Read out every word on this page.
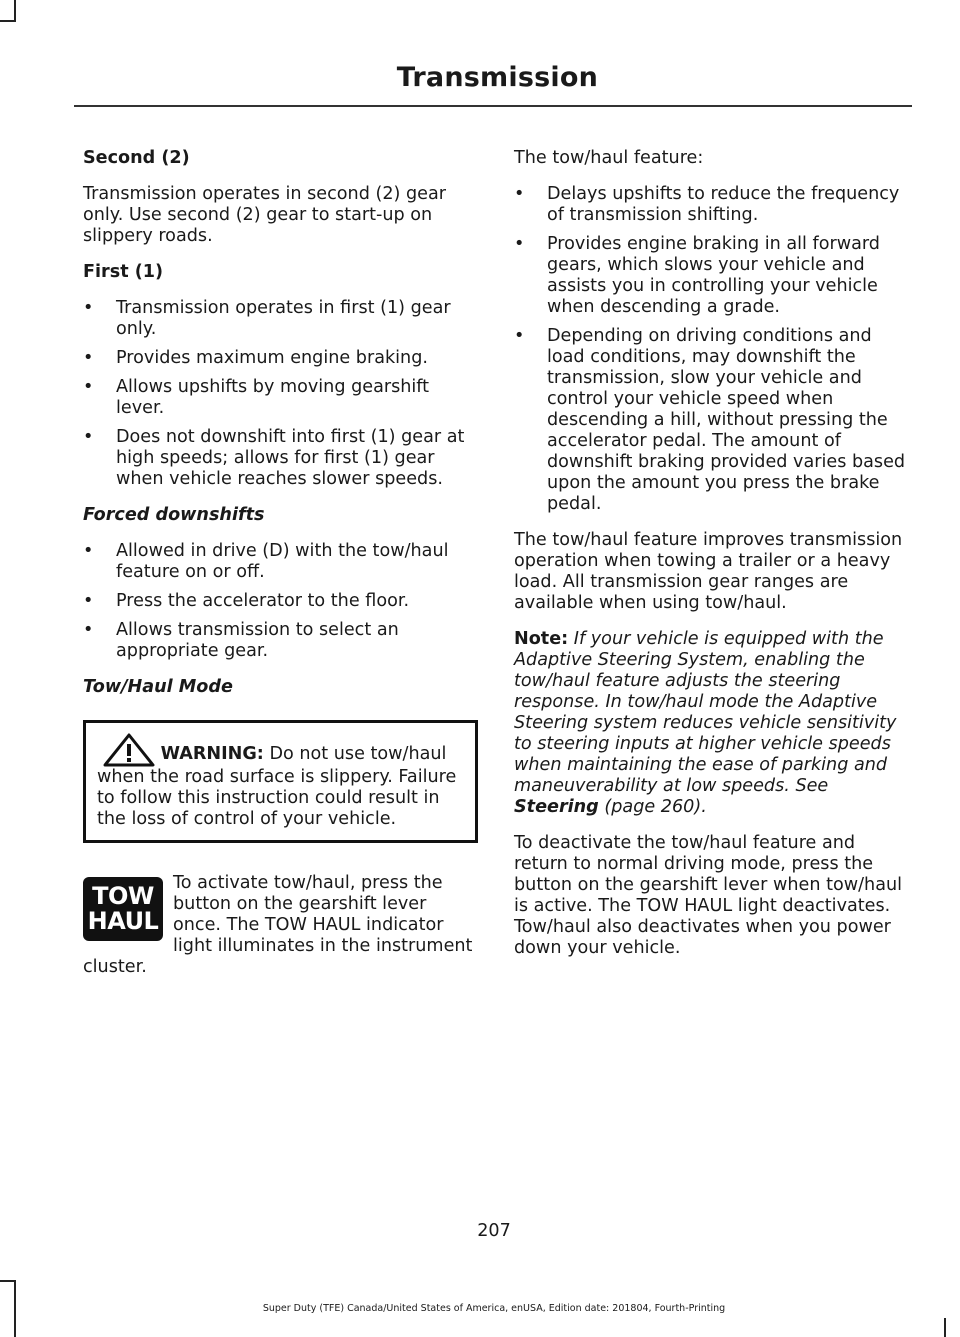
Transmission
Second (2)

Transmission operates in second (2) gear only. Use second (2) gear to start-up on slippery roads.

First (1)
• Transmission operates in first (1) gear only.
• Provides maximum engine braking.
• Allows upshifts by moving gearshift lever.
• Does not downshift into first (1) gear at high speeds; allows for first (1) gear when vehicle reaches slower speeds.
Forced downshifts
• Allowed in drive (D) with the tow/haul feature on or off.
• Press the accelerator to the floor.
• Allows transmission to select an appropriate gear.
Tow/Haul Mode
WARNING: Do not use tow/haul when the road surface is slippery. Failure to follow this instruction could result in the loss of control of your vehicle.
TOW
HAUL
To activate tow/haul, press the button on the gearshift lever once. The TOW HAUL indicator light illuminates in the instrument cluster.

The tow/haul feature:

• Delays upshifts to reduce the frequency of transmission shifting.
• Provides engine braking in all forward gears, which slows your vehicle and assists you in controlling your vehicle when descending a grade.
• Depending on driving conditions and load conditions, may downshift the transmission, slow your vehicle and control your vehicle speed when descending a hill, without pressing the accelerator pedal. The amount of downshift braking provided varies based upon the amount you press the brake pedal.

The tow/haul feature improves transmission operation when towing a trailer or a heavy load. All transmission gear ranges are available when using tow/haul.

Note: If your vehicle is equipped with the Adaptive Steering System, enabling the tow/haul feature adjusts the steering response. In tow/haul mode the Adaptive Steering system reduces vehicle sensitivity to steering inputs at higher vehicle speeds when maintaining the ease of parking and maneuverability at low speeds. See Steering (page 260).

To deactivate the tow/haul feature and return to normal driving mode, press the button on the gearshift lever when tow/haul is active. The TOW HAUL light deactivates. Tow/haul also deactivates when you power down your vehicle.

207
Super Duty (TFE) Canada/United States of America, enUSA, Edition date: 201804, Fourth-Printing
